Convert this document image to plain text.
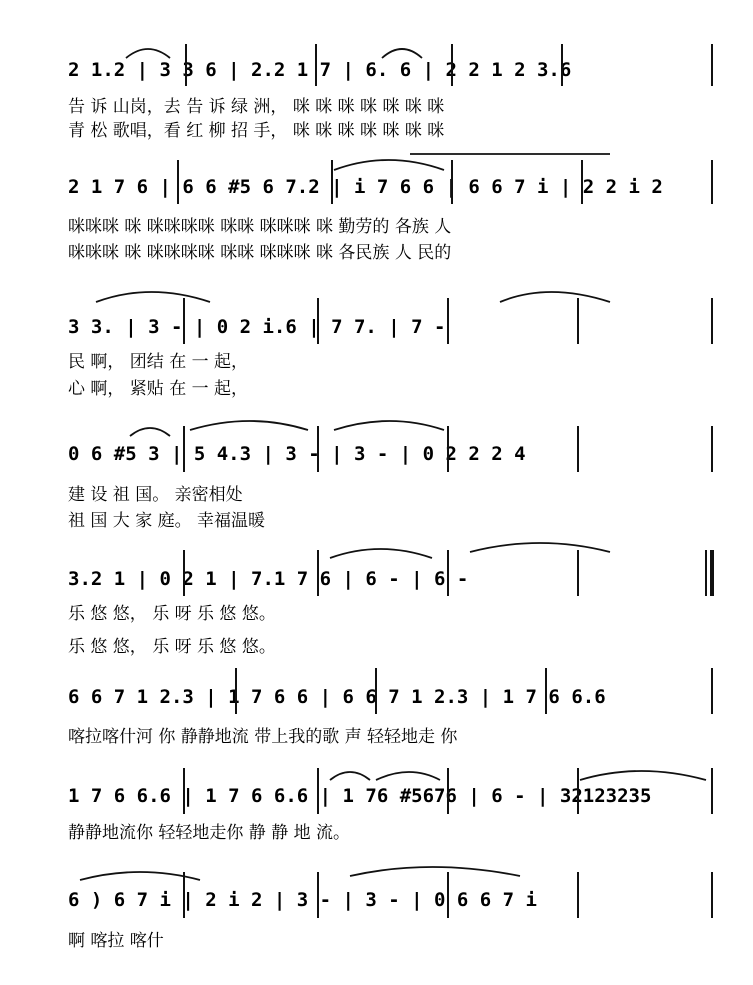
2 1.2 | 3 3 6 | 2.2 1 7 | 6. 6 | 2 2 1 2 3.6
告 诉 山岗，去 告 诉 绿 洲， 咪 咪 咪 咪 咪 咪 咪
青 松 歌唱，看 红 柳 招 手， 咪 咪 咪 咪 咪 咪 咪
2 1 7 6 | 6 6 #5 6 7.2 | i 7 6 6 | 6 6 7 i | 2 2 i 2
咪咪咪 咪 咪咪咪咪 咪咪 咪咪咪 咪 勤劳的 各族 人
咪咪咪 咪 咪咪咪咪 咪咪 咪咪咪 咪 各民族 人 民的
3 3. | 3 - | 0 2 i.6 | 7 7. | 7 -
民 啊， 团结 在 一 起，
心 啊， 紧贴 在 一 起，
0 6 #5 3 | 5 4.3 | 3 - | 3 - | 0 2 2 2 4
建 设 祖 国。 亲密相处
祖 国 大 家 庭。 幸福温暖
3.2 1 | 0 2 1 | 7.1 7 6 | 6 - | 6 -
乐 悠 悠， 乐 呀 乐 悠 悠。
乐 悠 悠， 乐 呀 乐 悠 悠。
6 6 7 1 2.3 | 1 7 6 6 | 6 6 7 1 2.3 | 1 7 6 6.6
喀拉喀什河 你 静静地流 带上我的歌 声 轻轻地走 你
1 7 6 6.6 | 1 7 6 6.6 | 1 76 #5676 | 6 - | 32123235
静静地流你 轻轻地走你 静 静 地 流。
6 ) 6 7 i | 2 i 2 | 3 - | 3 - | 0 6 6 7 i
啊 喀拉 喀什
